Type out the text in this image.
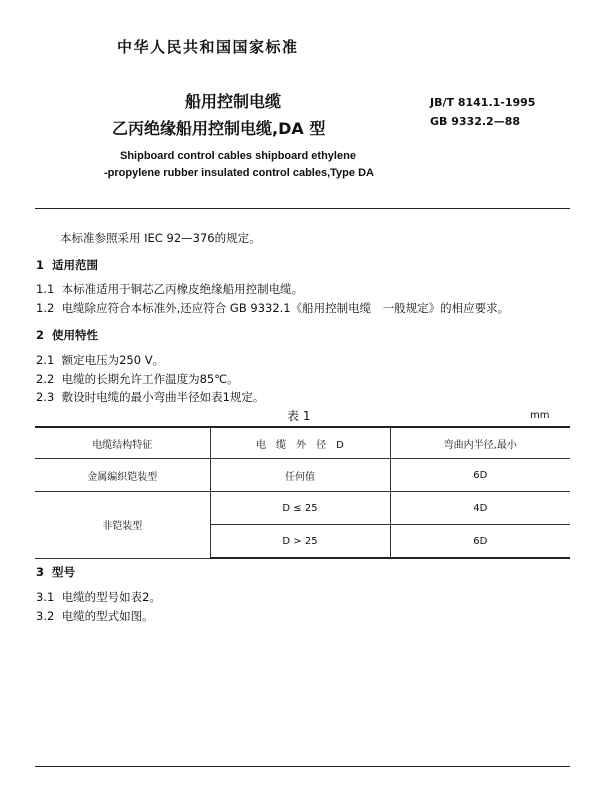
中华人民共和国国家标准
船用控制电缆
乙丙绝缘船用控制电缆,DA 型
JB/T 8141.1-1995
GB 9332.2—88
Shipboard control cables shipboard ethylene
-propylene rubber insulated control cables,Type DA
本标准参照采用 IEC 92—376的规定。
1 适用范围
1.1 本标准适用于铜芯乙丙橡皮绝缘船用控制电缆。
1.2 电缆除应符合本标准外,还应符合 GB 9332.1《船用控制电缆　一般规定》的相应要求。
2 使用特性
2.1 额定电压为250 V。
2.2 电缆的长期允许工作温度为85℃。
2.3 敷设时电缆的最小弯曲半径如表1规定。
表 1	mm
电缆结构特征	电　缆　外　径　D	弯曲内半径,最小
金属编织铠装型	任何值	6D
非铠装型	D ≤ 25	4D
	D > 25	6D
3 型号
3.1 电缆的型号如表2。
3.2 电缆的型式如图。
